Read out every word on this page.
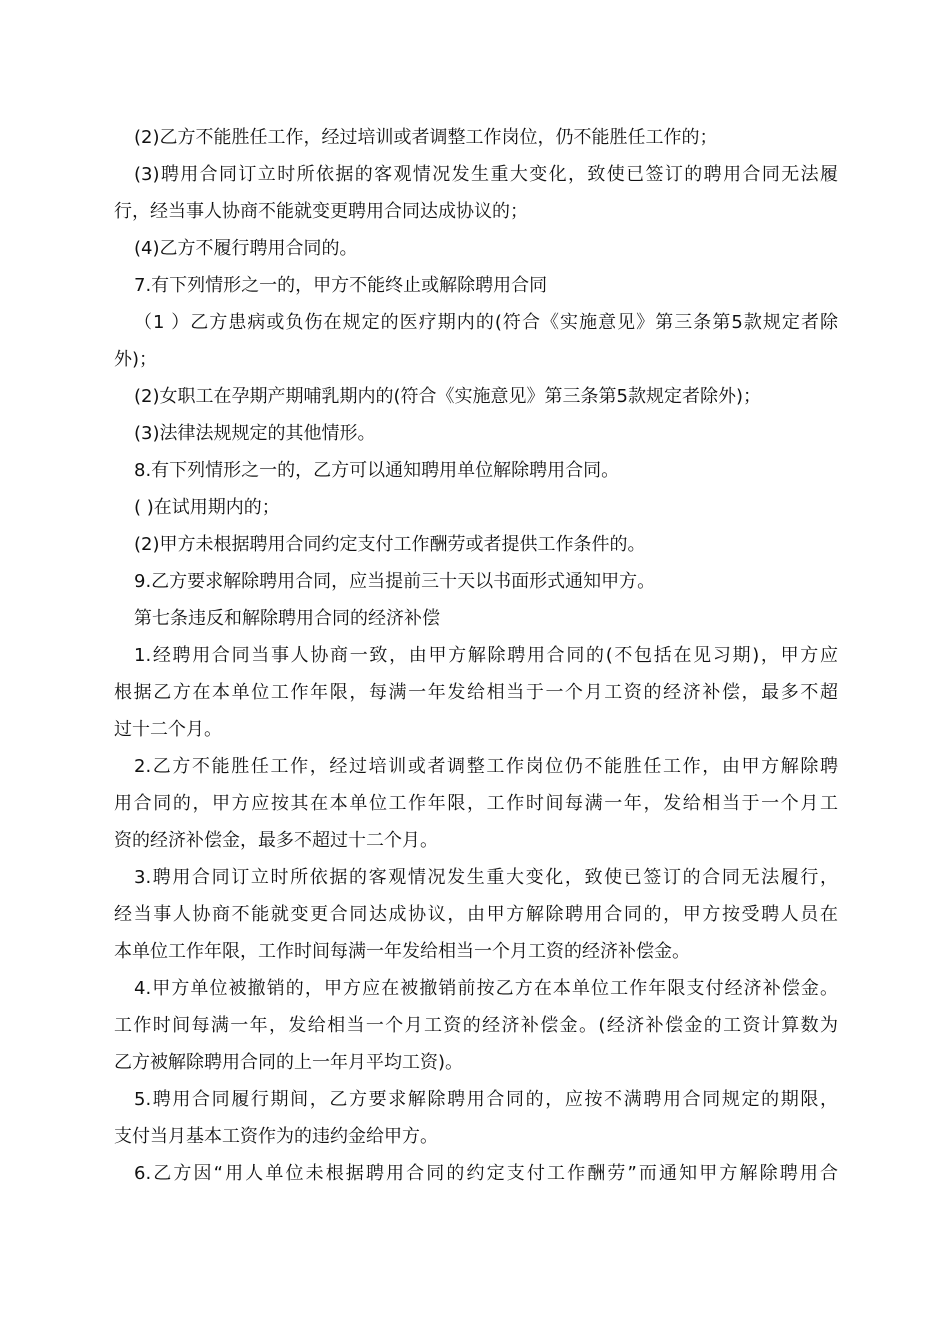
(2)乙方不能胜任工作，经过培训或者调整工作岗位，仍不能胜任工作的；
(3)聘用合同订立时所依据的客观情况发生重大变化，致使已签订的聘用合同无法履
行，经当事人协商不能就变更聘用合同达成协议的；
(4)乙方不履行聘用合同的。
7.有下列情形之一的，甲方不能终止或解除聘用合同
（1 ）乙方患病或负伤在规定的医疗期内的(符合《实施意见》第三条第5款规定者除
外)；
(2)女职工在孕期产期哺乳期内的(符合《实施意见》第三条第5款规定者除外)；
(3)法律法规规定的其他情形。
8.有下列情形之一的，乙方可以通知聘用单位解除聘用合同。
( )在试用期内的；
(2)甲方未根据聘用合同约定支付工作酬劳或者提供工作条件的。
9.乙方要求解除聘用合同，应当提前三十天以书面形式通知甲方。
第七条违反和解除聘用合同的经济补偿
1.经聘用合同当事人协商一致，由甲方解除聘用合同的(不包括在见习期)，甲方应
根据乙方在本单位工作年限，每满一年发给相当于一个月工资的经济补偿，最多不超
过十二个月。
2.乙方不能胜任工作，经过培训或者调整工作岗位仍不能胜任工作，由甲方解除聘
用合同的，甲方应按其在本单位工作年限，工作时间每满一年，发给相当于一个月工
资的经济补偿金，最多不超过十二个月。
3.聘用合同订立时所依据的客观情况发生重大变化，致使已签订的合同无法履行，
经当事人协商不能就变更合同达成协议，由甲方解除聘用合同的，甲方按受聘人员在
本单位工作年限，工作时间每满一年发给相当一个月工资的经济补偿金。
4.甲方单位被撤销的，甲方应在被撤销前按乙方在本单位工作年限支付经济补偿金。
工作时间每满一年，发给相当一个月工资的经济补偿金。(经济补偿金的工资计算数为
乙方被解除聘用合同的上一年月平均工资)。
5.聘用合同履行期间，乙方要求解除聘用合同的，应按不满聘用合同规定的期限，
支付当月基本工资作为的违约金给甲方。
6.乙方因“用人单位未根据聘用合同的约定支付工作酬劳”而通知甲方解除聘用合
